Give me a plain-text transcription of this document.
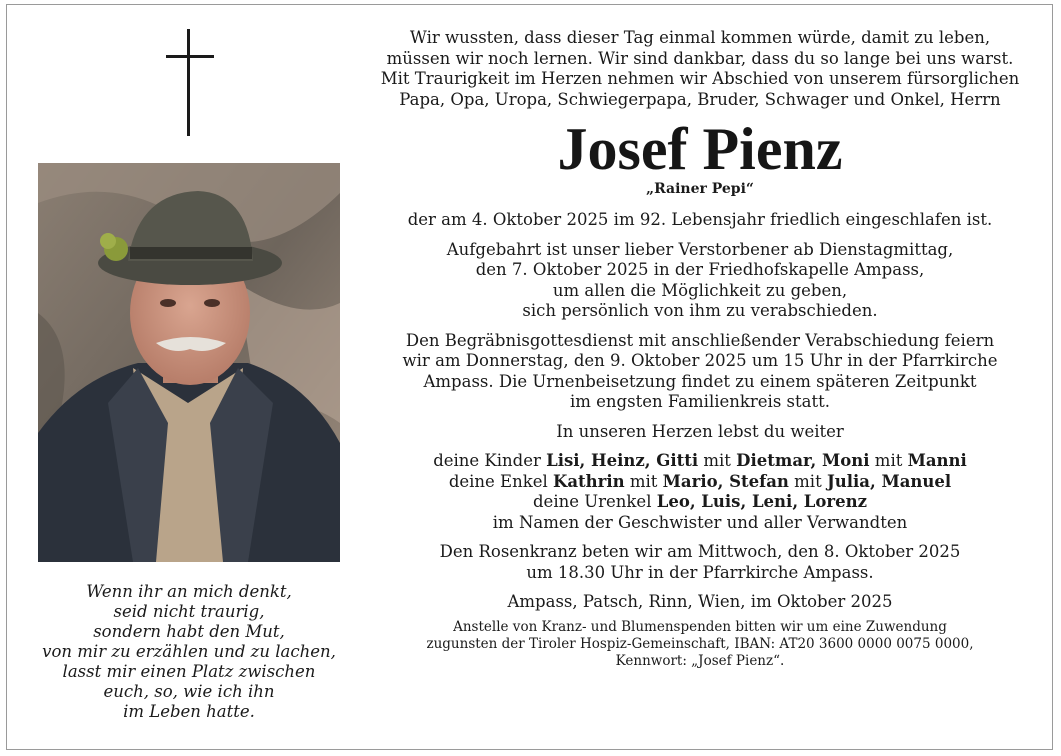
Wenn ihr an mich denkt,
seid nicht traurig,
sondern habt den Mut,
von mir zu erzählen und zu lachen,
lasst mir einen Platz zwischen
euch, so, wie ich ihn
im Leben hatte.
Wir wussten, dass dieser Tag einmal kommen würde, damit zu leben,
müssen wir noch lernen. Wir sind dankbar, dass du so lange bei uns warst.
Mit Traurigkeit im Herzen nehmen wir Abschied von unserem fürsorglichen
Papa, Opa, Uropa, Schwiegerpapa, Bruder, Schwager und Onkel, Herrn
Josef Pienz
„Rainer Pepi“
der am 4. Oktober 2025 im 92. Lebensjahr friedlich eingeschlafen ist.
Aufgebahrt ist unser lieber Verstorbener ab Dienstagmittag,
den 7. Oktober 2025 in der Friedhofskapelle Ampass,
um allen die Möglichkeit zu geben,
sich persönlich von ihm zu verabschieden.
Den Begräbnisgottesdienst mit anschließender Verabschiedung feiern
wir am Donnerstag, den 9. Oktober 2025 um 15 Uhr in der Pfarrkirche
Ampass. Die Urnenbeisetzung findet zu einem späteren Zeitpunkt
im engsten Familienkreis statt.
In unseren Herzen lebst du weiter
deine Kinder Lisi, Heinz, Gitti mit Dietmar, Moni mit Manni
deine Enkel Kathrin mit Mario, Stefan mit Julia, Manuel
deine Urenkel Leo, Luis, Leni, Lorenz
im Namen der Geschwister und aller Verwandten
Den Rosenkranz beten wir am Mittwoch, den 8. Oktober 2025
um 18.30 Uhr in der Pfarrkirche Ampass.
Ampass, Patsch, Rinn, Wien, im Oktober 2025
Anstelle von Kranz- und Blumenspenden bitten wir um eine Zuwendung
zugunsten der Tiroler Hospiz-Gemeinschaft, IBAN: AT20 3600 0000 0075 0000,
Kennwort: „Josef Pienz“.
